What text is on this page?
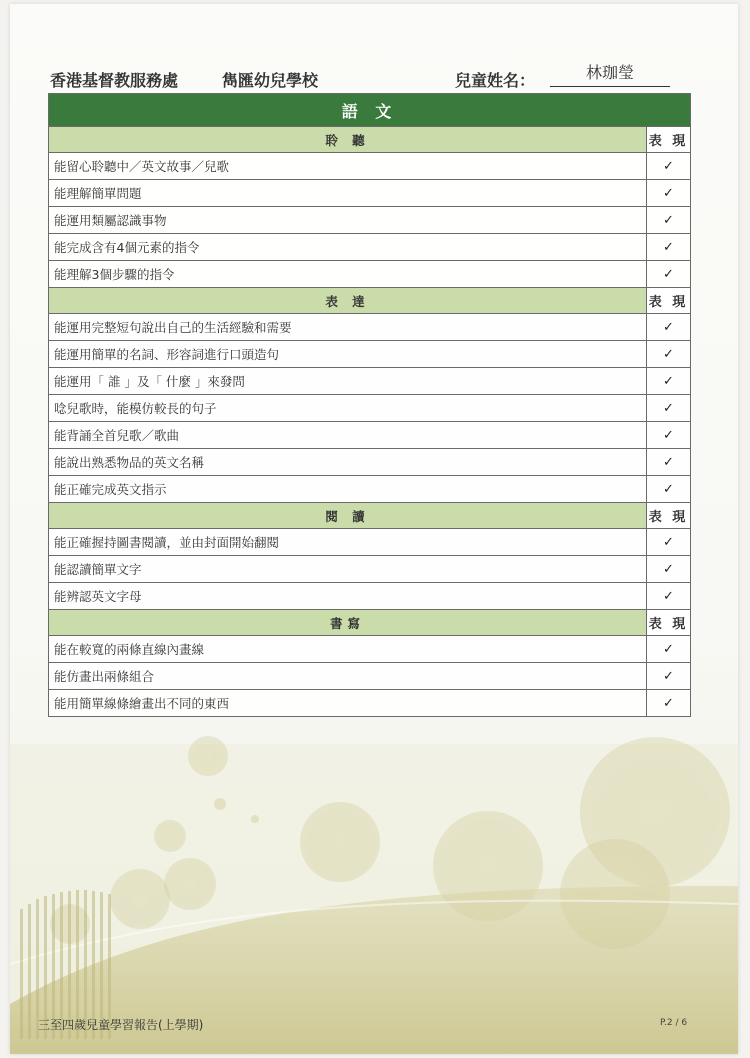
香港基督教服務處	雋匯幼兒學校	兒童姓名：	林珈瑩
語 文	
聆 聽	表 現
能留心聆聽中／英文故事／兒歌	✓
能理解簡單問題	✓
能運用類屬認識事物	✓
能完成含有4個元素的指令	✓
能理解3個步驟的指令	✓
表 達	表 現
能運用完整短句說出自己的生活經驗和需要	✓
能運用簡單的名詞、形容詞進行口頭造句	✓
能運用「 誰 」及「 什麼 」來發問	✓
唸兒歌時，能模仿較長的句子	✓
能背誦全首兒歌／歌曲	✓
能說出熟悉物品的英文名稱	✓
能正確完成英文指示	✓
閱 讀	表 現
能正確握持圖書閱讀，並由封面開始翻閱	✓
能認讀簡單文字	✓
能辨認英文字母	✓
書寫	表 現
能在較寬的兩條直線內畫線	✓
能仿畫出兩條組合	✓
能用簡單線條繪畫出不同的東西	✓
三至四歲兒童學習報告(上學期)	P.2 / 6
